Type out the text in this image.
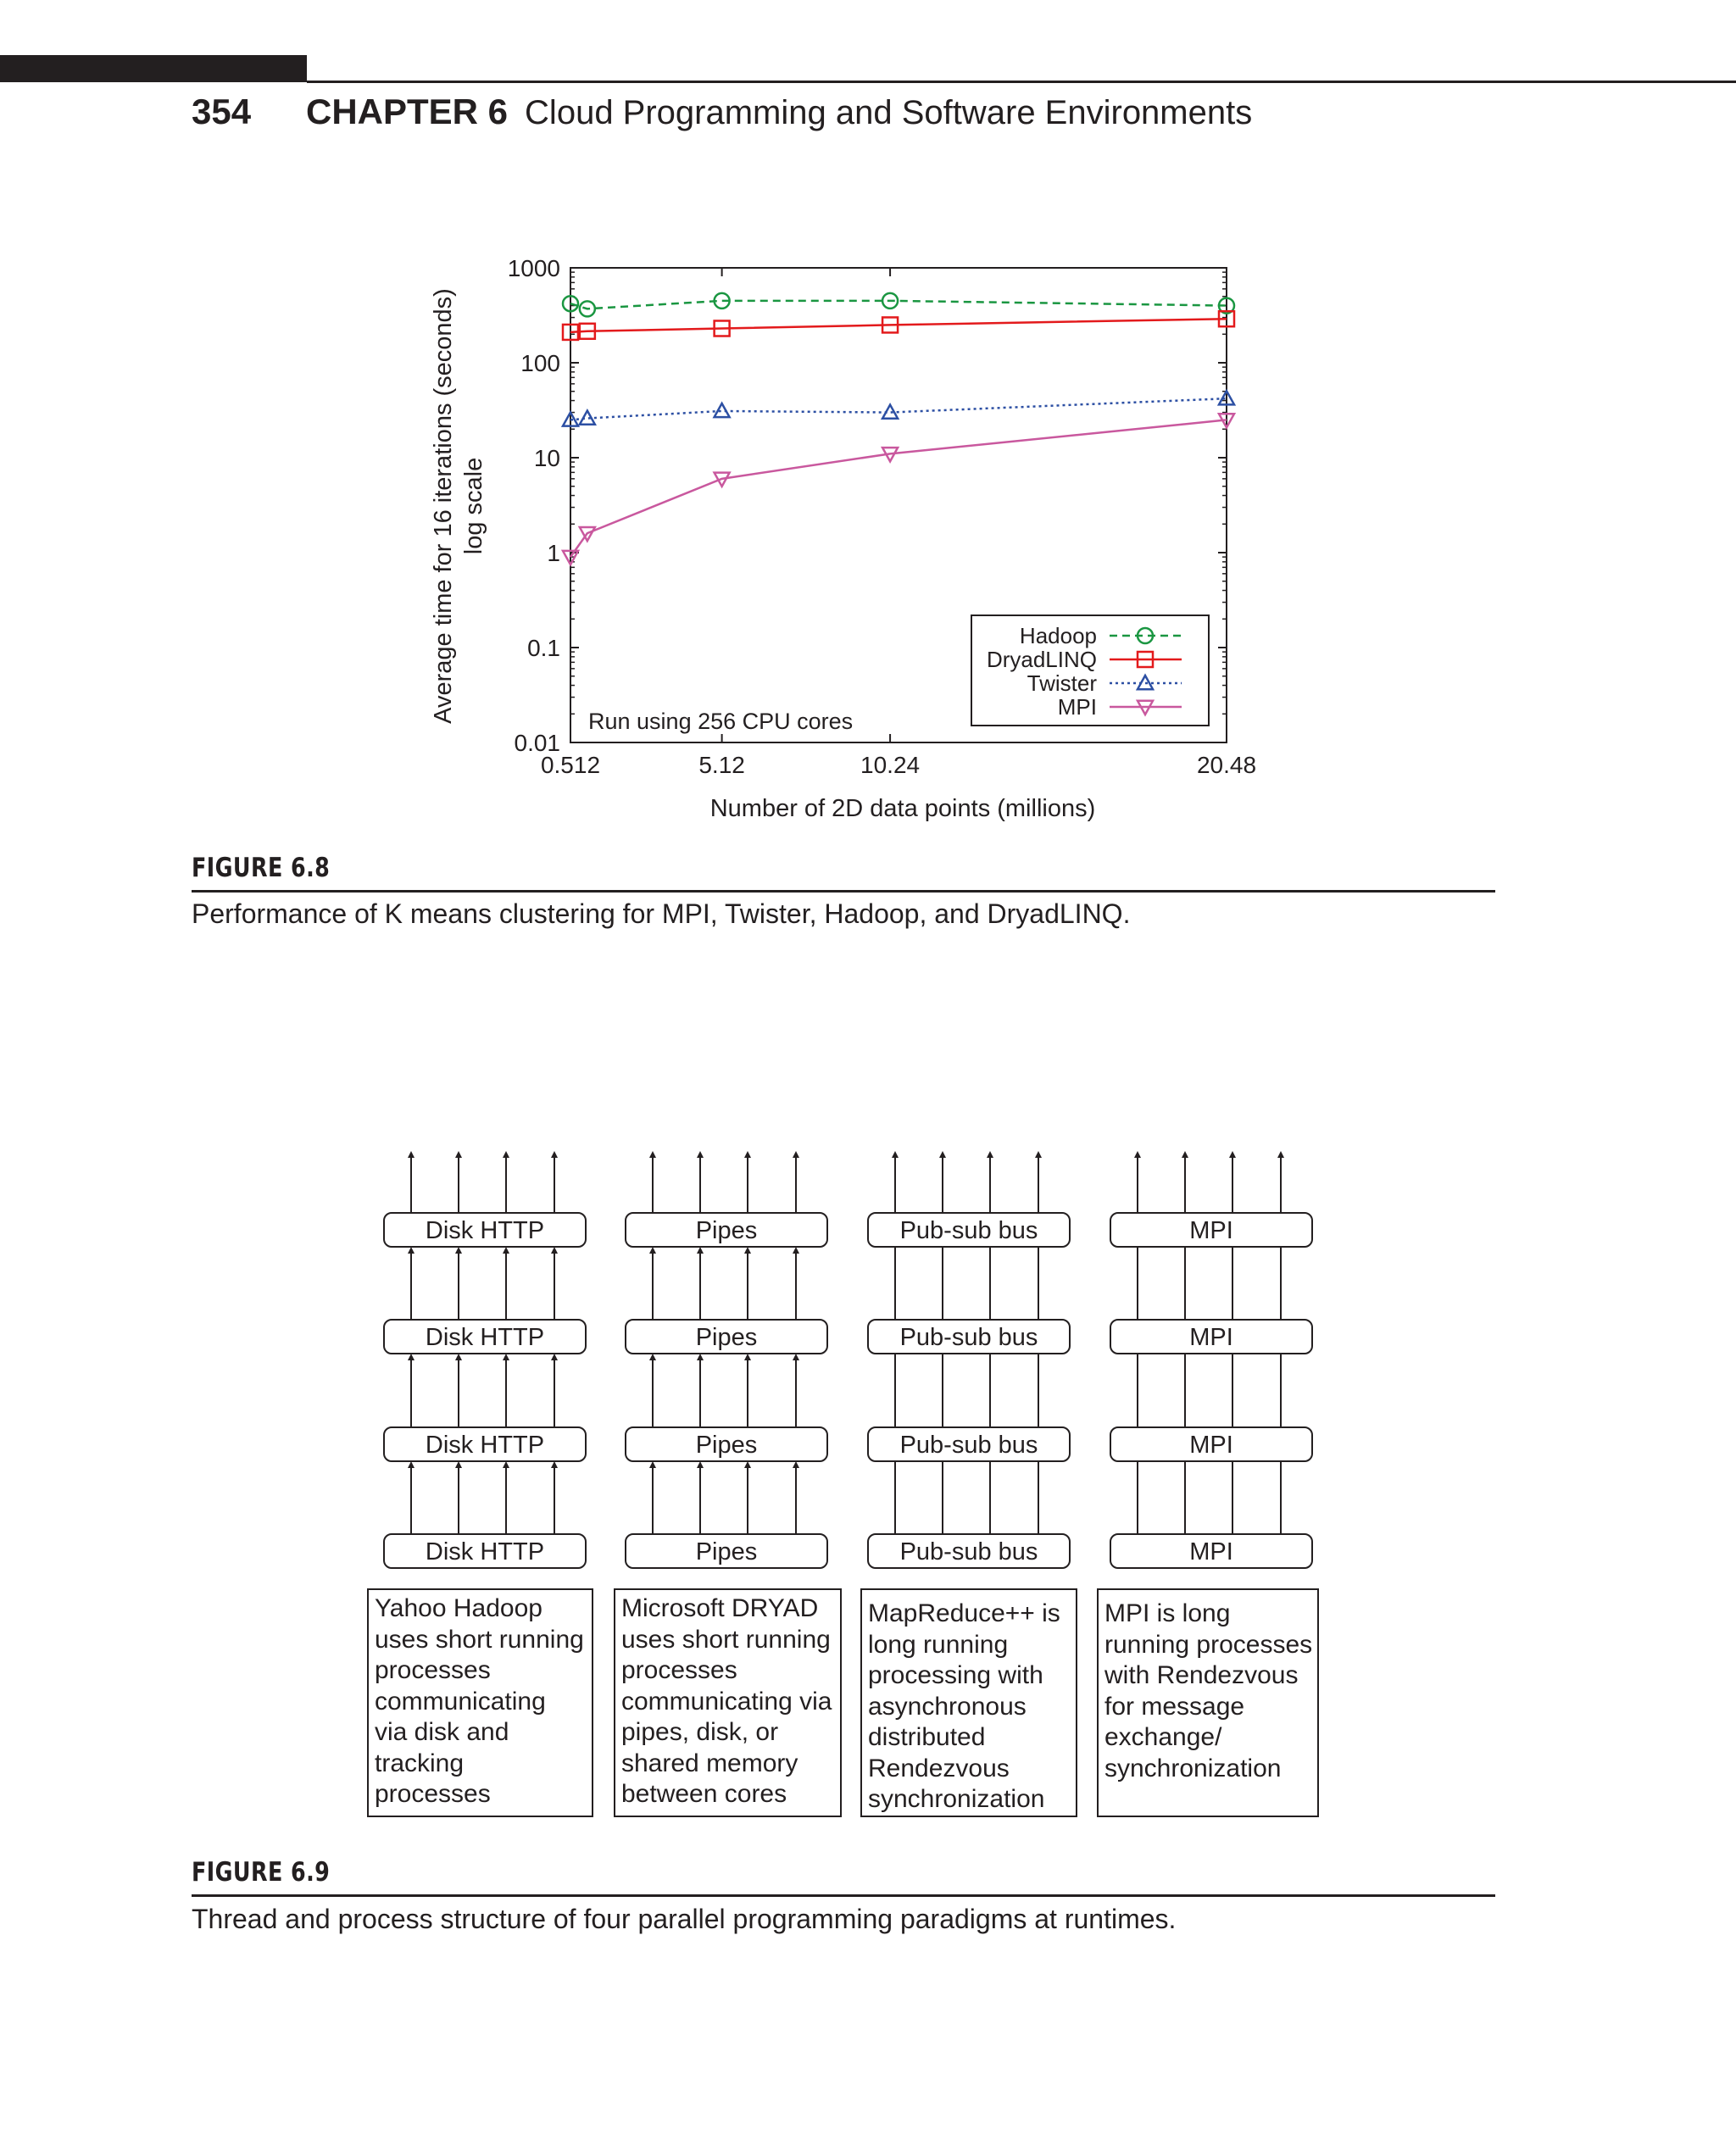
354	CHAPTER 6 Cloud Programming and Software Environments
0.01
0.1
1
10
100
1000
0.512	5.12	10.24	20.48
Hadoop
DryadLINQ
Twister
MPI
Average time for 16 iterations (seconds) log scale
Number of 2D data points (millions)
Run using 256 CPU cores
FIGURE 6.8
Performance of K means clustering for MPI, Twister, Hadoop, and DryadLINQ.
Disk HTTP
Disk HTTP
Disk HTTP
Disk HTTP
Pipes
Pipes
Pipes
Pipes
Pub-sub bus
Pub-sub bus
Pub-sub bus
Pub-sub bus
MPI
MPI
MPI
MPI
Yahoo Hadoop
uses short running
processes
communicating
via disk and
tracking
processes
Microsoft DRYAD
uses short running
processes
communicating via
pipes, disk, or
shared memory
between cores
MapReduce++ is
long running
processing with
asynchronous
distributed
Rendezvous
synchronization
MPI is long
running processes
with Rendezvous
for message
exchange/
synchronization
FIGURE 6.9
Thread and process structure of four parallel programming paradigms at runtimes.
